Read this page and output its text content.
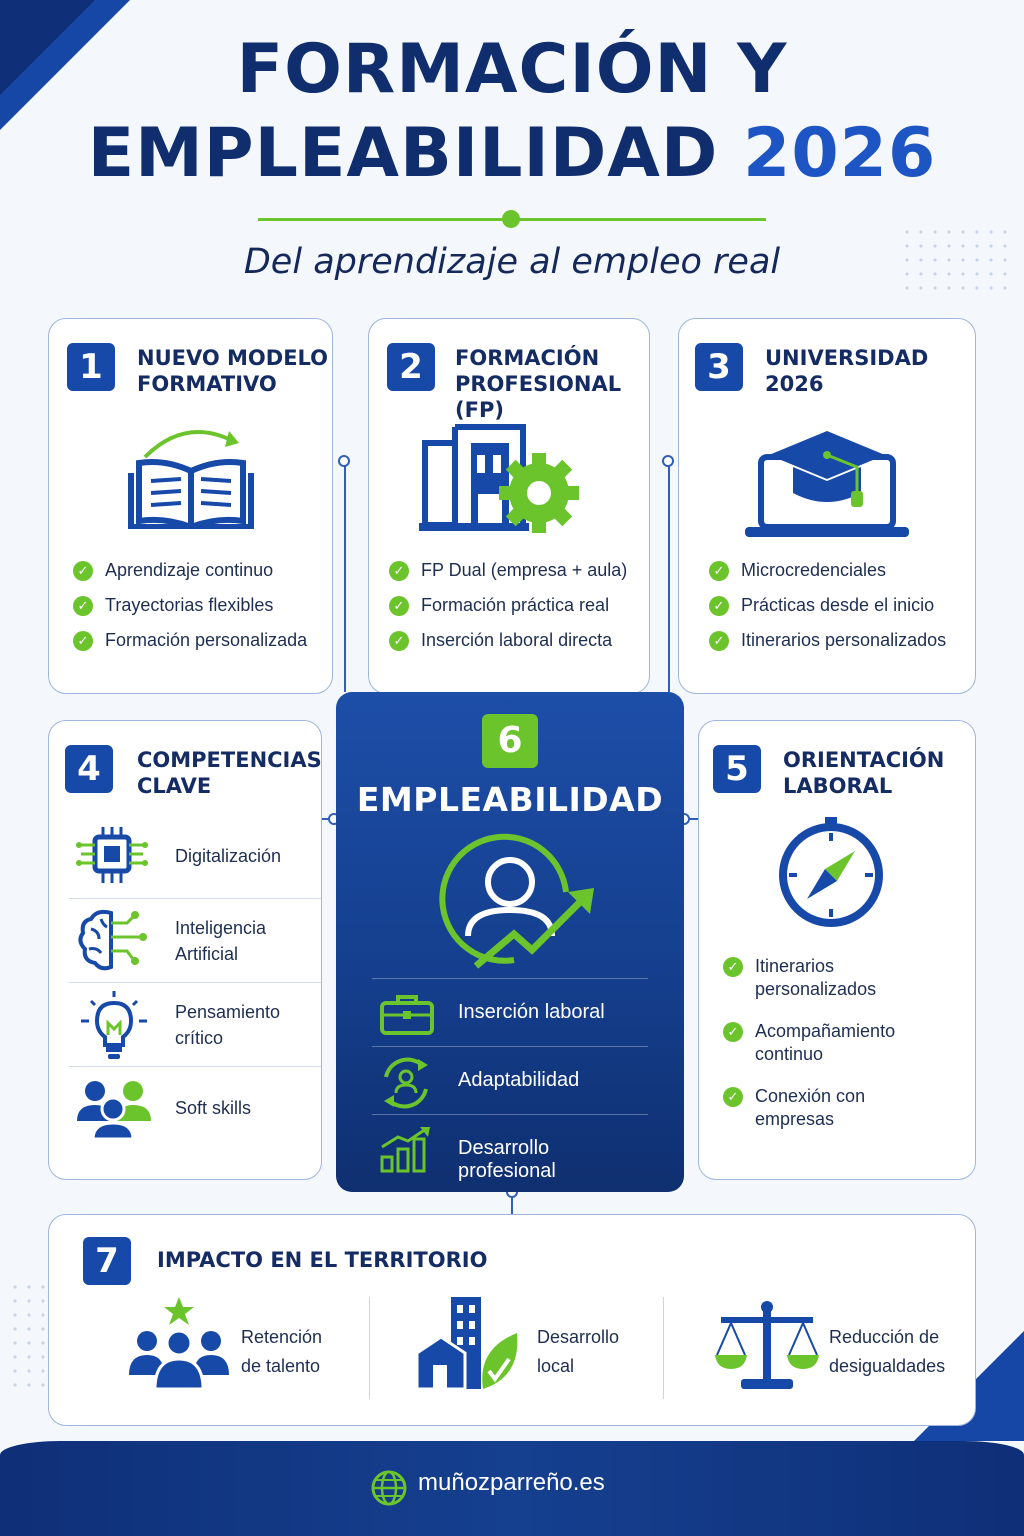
FORMACIÓN Y
EMPLEABILIDAD 2026
Del aprendizaje al empleo real
1	NUEVO MODELO
FORMATIVO
✓ Aprendizaje continuo
✓ Trayectorias flexibles
✓ Formación personalizada
2	FORMACIÓN
PROFESIONAL (FP)
✓ FP Dual (empresa + aula)
✓ Formación práctica real
✓ Inserción laboral directa
3	UNIVERSIDAD
2026
✓ Microcredenciales
✓ Prácticas desde el inicio
✓ Itinerarios personalizados
4	COMPETENCIAS
CLAVE
Digitalización
Inteligencia
Artificial
Pensamiento
crítico
Soft skills
6
EMPLEABILIDAD
Inserción laboral
Adaptabilidad
Desarrollo profesional
5	ORIENTACIÓN
LABORAL
✓ Itinerarios
personalizados
✓ Acompañamiento
continuo
✓ Conexión con
empresas
7	IMPACTO EN EL TERRITORIO
Retención
de talento
Desarrollo
local
Reducción de
desigualdades
muñozparreño.es
